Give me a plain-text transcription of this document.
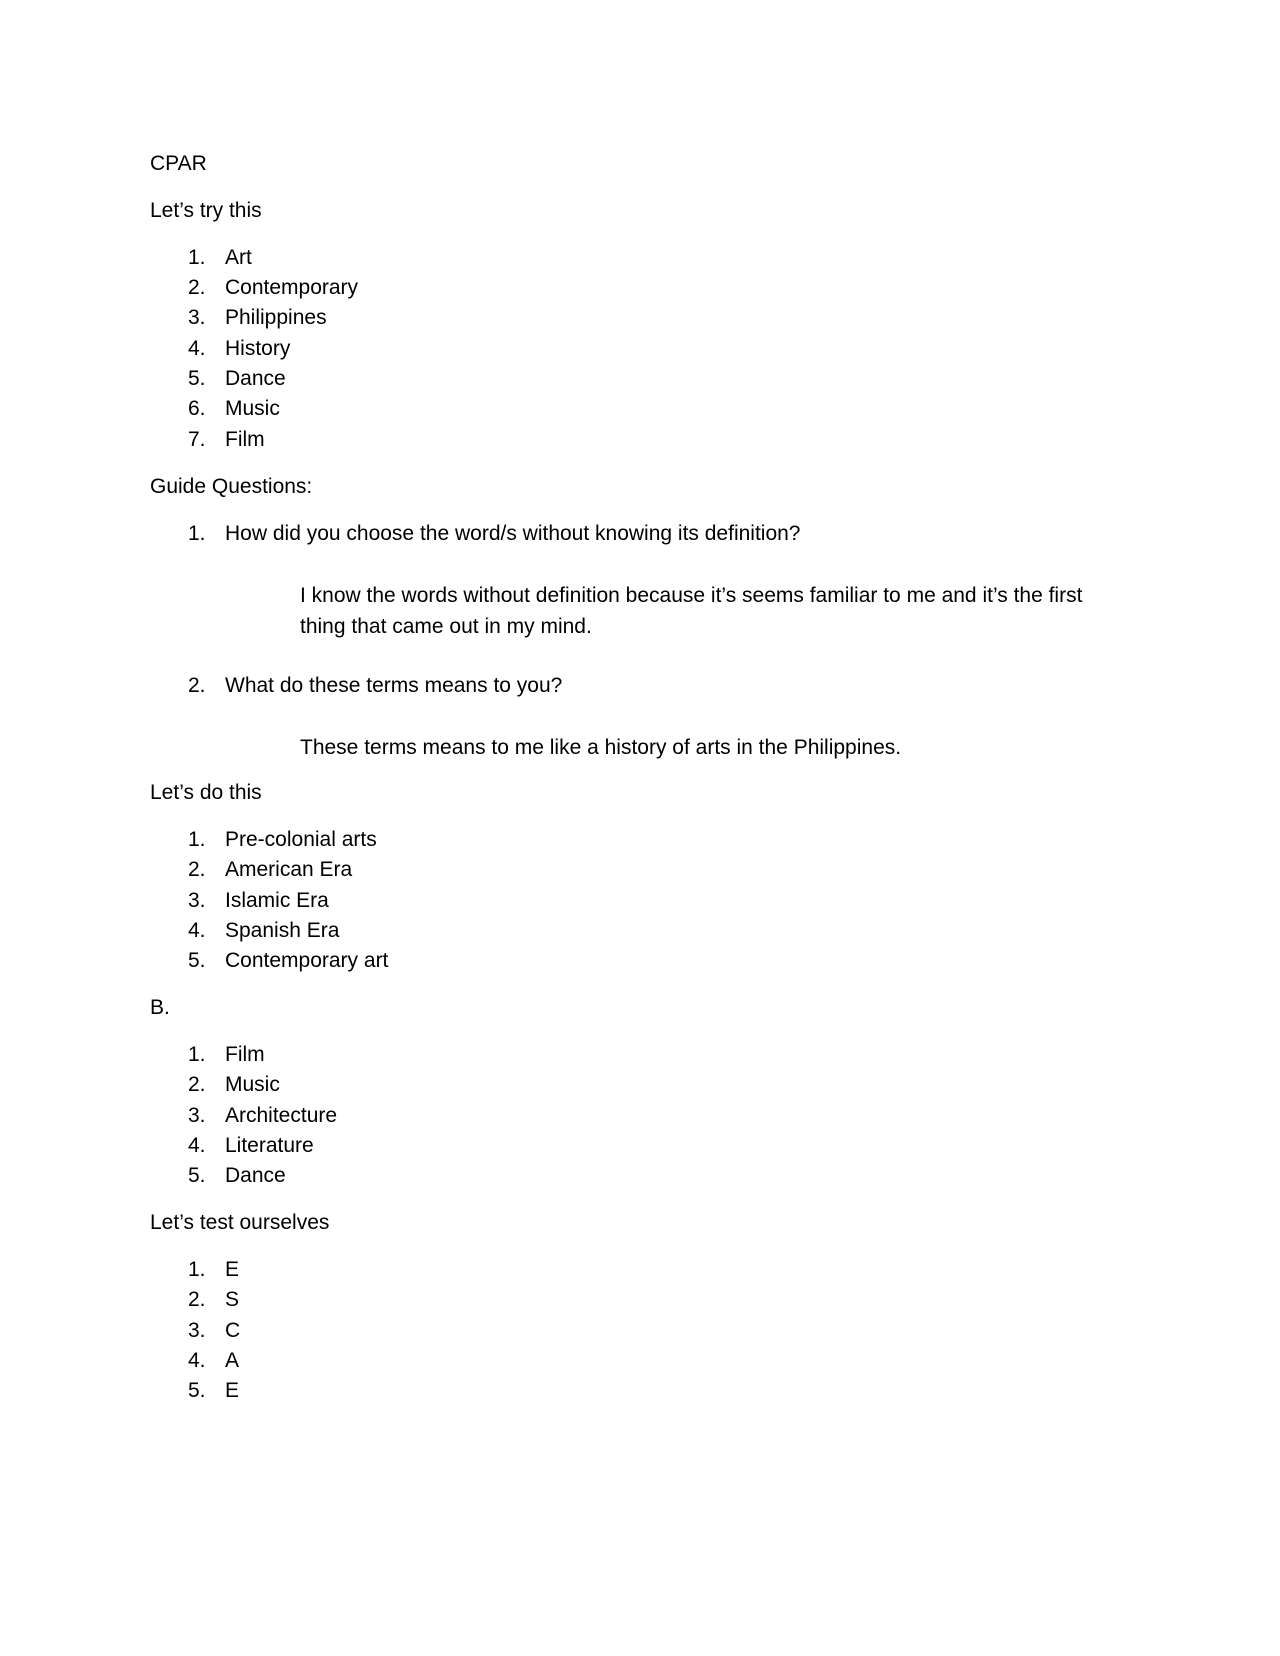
CPAR
Let’s try this
1. Art
2. Contemporary
3. Philippines
4. History
5. Dance
6. Music
7. Film
Guide Questions:
1. How did you choose the word/s without knowing its definition?
I know the words without definition because it’s seems familiar to me and it’s the first thing that came out in my mind.
2. What do these terms means to you?
These terms means to me like a history of arts in the Philippines.
Let’s do this
1. Pre-colonial arts
2. American Era
3. Islamic Era
4. Spanish Era
5. Contemporary art
B.
1. Film
2. Music
3. Architecture
4. Literature
5. Dance
Let’s test ourselves
1. E
2. S
3. C
4. A
5. E
